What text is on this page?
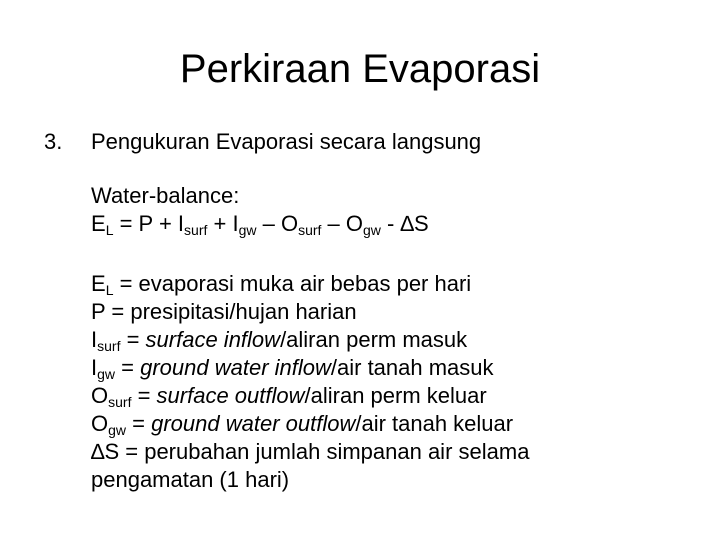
Perkiraan Evaporasi
3. Pengukuran Evaporasi secara langsung
Water-balance:
$E_L = P + I_{surf} + I_{gw} - O_{surf} - O_{gw} - \Delta S$
$E_L$ = evaporasi muka air bebas per hari
P = presipitasi/hujan harian
$I_{surf}$ = surface inflow/aliran perm masuk
$I_{gw}$ = ground water inflow/air tanah masuk
$O_{surf}$ = surface outflow/aliran perm keluar
$O_{gw}$ = ground water outflow/air tanah keluar
∆S = perubahan jumlah simpanan air selama pengamatan (1 hari)
